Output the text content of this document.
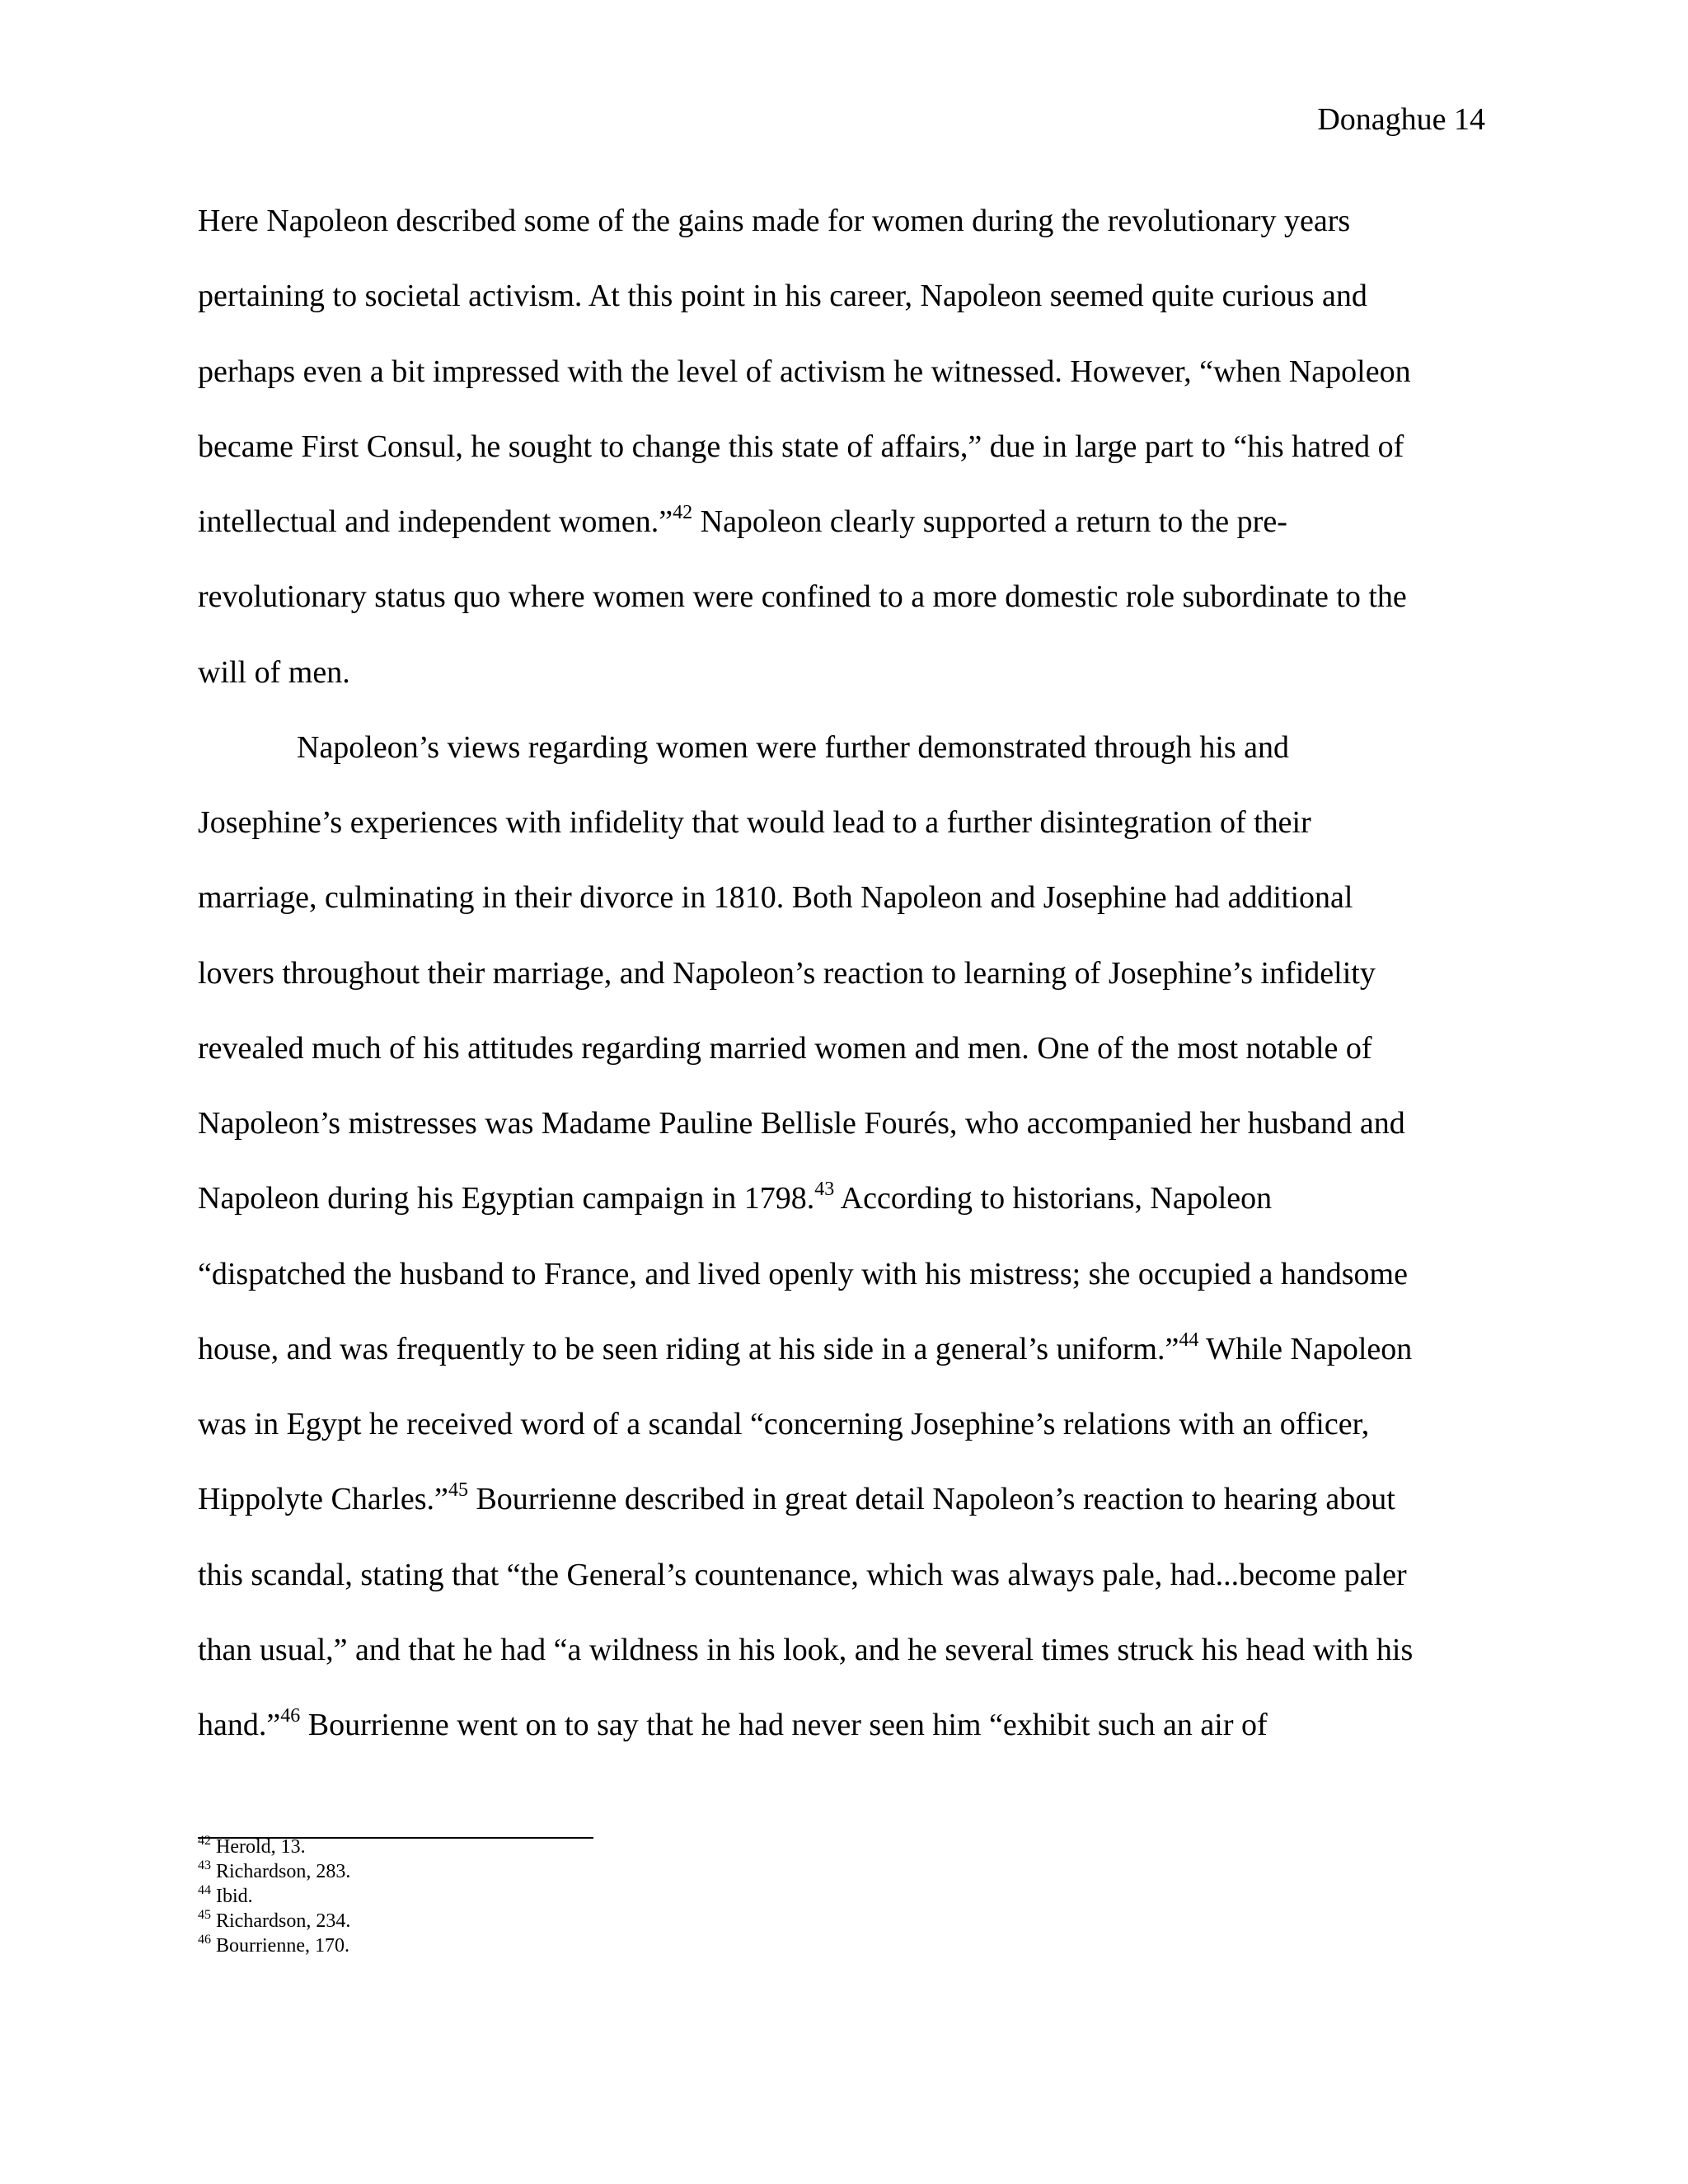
Donaghue 14
Here Napoleon described some of the gains made for women during the revolutionary years
pertaining to societal activism. At this point in his career, Napoleon seemed quite curious and
perhaps even a bit impressed with the level of activism he witnessed. However, “when Napoleon
became First Consul, he sought to change this state of affairs,” due in large part to “his hatred of
intellectual and independent women.”$^{42}$ Napoleon clearly supported a return to the pre-
revolutionary status quo where women were confined to a more domestic role subordinate to the
will of men.
Napoleon’s views regarding women were further demonstrated through his and
Josephine’s experiences with infidelity that would lead to a further disintegration of their
marriage, culminating in their divorce in 1810. Both Napoleon and Josephine had additional
lovers throughout their marriage, and Napoleon’s reaction to learning of Josephine’s infidelity
revealed much of his attitudes regarding married women and men. One of the most notable of
Napoleon’s mistresses was Madame Pauline Bellisle Fourés, who accompanied her husband and
Napoleon during his Egyptian campaign in 1798.43 According to historians, Napoleon
“dispatched the husband to France, and lived openly with his mistress; she occupied a handsome
house, and was frequently to be seen riding at his side in a general’s uniform.”$^{44}$ While Napoleon
was in Egypt he received word of a scandal “concerning Josephine’s relations with an officer,
Hippolyte Charles.”$^{45}$ Bourrienne described in great detail Napoleon’s reaction to hearing about
this scandal, stating that “the General’s countenance, which was always pale, had...become paler
than usual,” and that he had “a wildness in his look, and he several times struck his head with his
hand.”$^{46}$ Bourrienne went on to say that he had never seen him “exhibit such an air of
$^{42}$ Herold, 13.
$^{43}$ Richardson, 283.
$^{44}$ Ibid.
$^{45}$ Richardson, 234.
$^{46}$ Bourrienne, 170.
